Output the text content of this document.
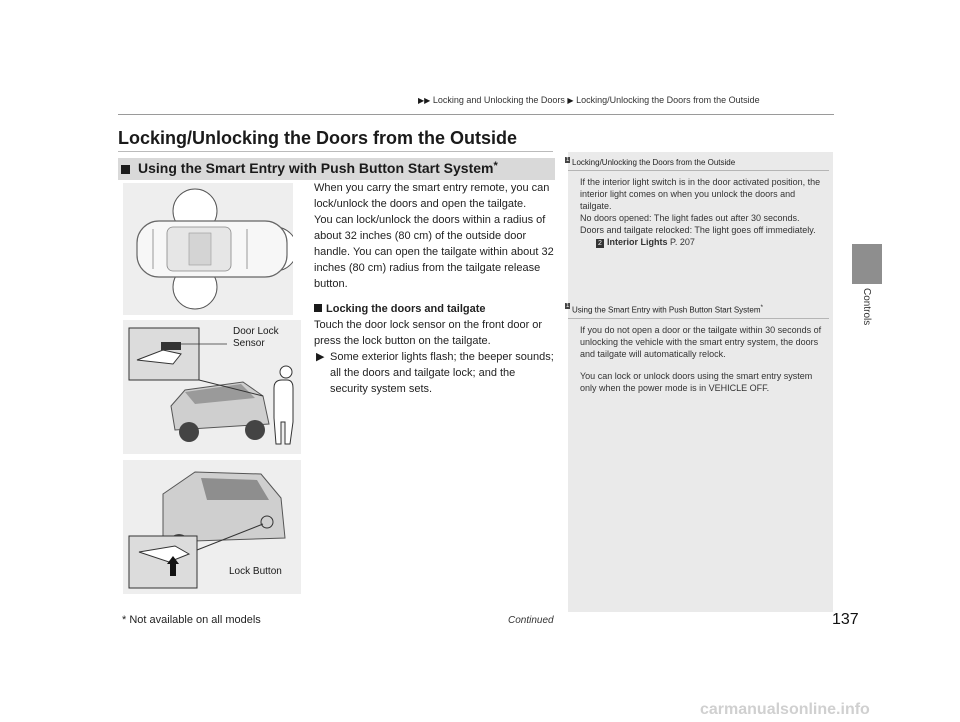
▶▶ Locking and Unlocking the Doors ▶ Locking/Unlocking the Doors from the Outside
Locking/Unlocking the Doors from the Outside
Using the Smart Entry with Push Button Start System*
Door Lock Sensor
Lock Button

When you carry the smart entry remote, you can lock/unlock the doors and open the tailgate.

You can lock/unlock the doors within a radius of about 32 inches (80 cm) of the outside door handle. You can open the tailgate within about 32 inches (80 cm) radius from the tailgate release button.

Locking the doors and tailgate

Touch the door lock sensor on the front door or press the lock button on the tailgate.

▶ Some exterior lights flash; the beeper sounds; all the doors and tailgate lock; and the security system sets.

1 Locking/Unlocking the Doors from the Outside

If the interior light switch is in the door activated position, the interior light comes on when you unlock the doors and tailgate.

No doors opened: The light fades out after 30 seconds.

Doors and tailgate relocked: The light goes off immediately.

2 Interior Lights P. 207

1 Using the Smart Entry with Push Button Start System*

If you do not open a door or the tailgate within 30 seconds of unlocking the vehicle with the smart entry system, the doors and tailgate will automatically relock.

You can lock or unlock doors using the smart entry system only when the power mode is in VEHICLE OFF.

Controls
* Not available on all models	Continued	137
carmanualsonline.info
